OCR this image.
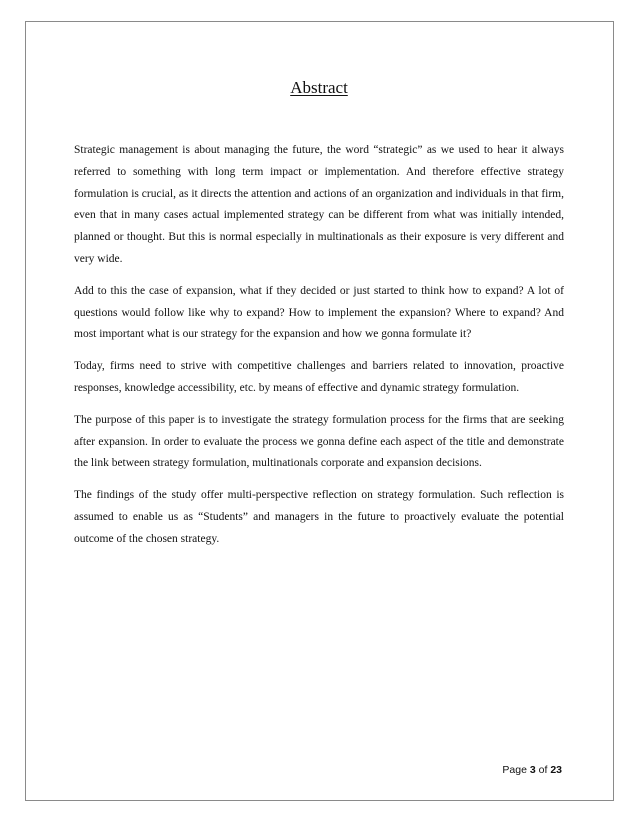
Abstract

Strategic management is about managing the future, the word “strategic” as we used to hear it always referred to something with long term impact or implementation. And therefore effective strategy formulation is crucial, as it directs the attention and actions of an organization and individuals in that firm, even that in many cases actual implemented strategy can be different from what was initially intended, planned or thought. But this is normal especially in multinationals as their exposure is very different and very wide.

Add to this the case of expansion, what if they decided or just started to think how to expand? A lot of questions would follow like why to expand? How to implement the expansion? Where to expand? And most important what is our strategy for the expansion and how we gonna formulate it?

Today, firms need to strive with competitive challenges and barriers related to innovation, proactive responses, knowledge accessibility, etc. by means of effective and dynamic strategy formulation.

The purpose of this paper is to investigate the strategy formulation process for the firms that are seeking after expansion. In order to evaluate the process we gonna define each aspect of the title and demonstrate the link between strategy formulation, multinationals corporate and expansion decisions.

The findings of the study offer multi-perspective reflection on strategy formulation. Such reflection is assumed to enable us as “Students” and managers in the future to proactively evaluate the potential outcome of the chosen strategy.

Page 3 of 23
